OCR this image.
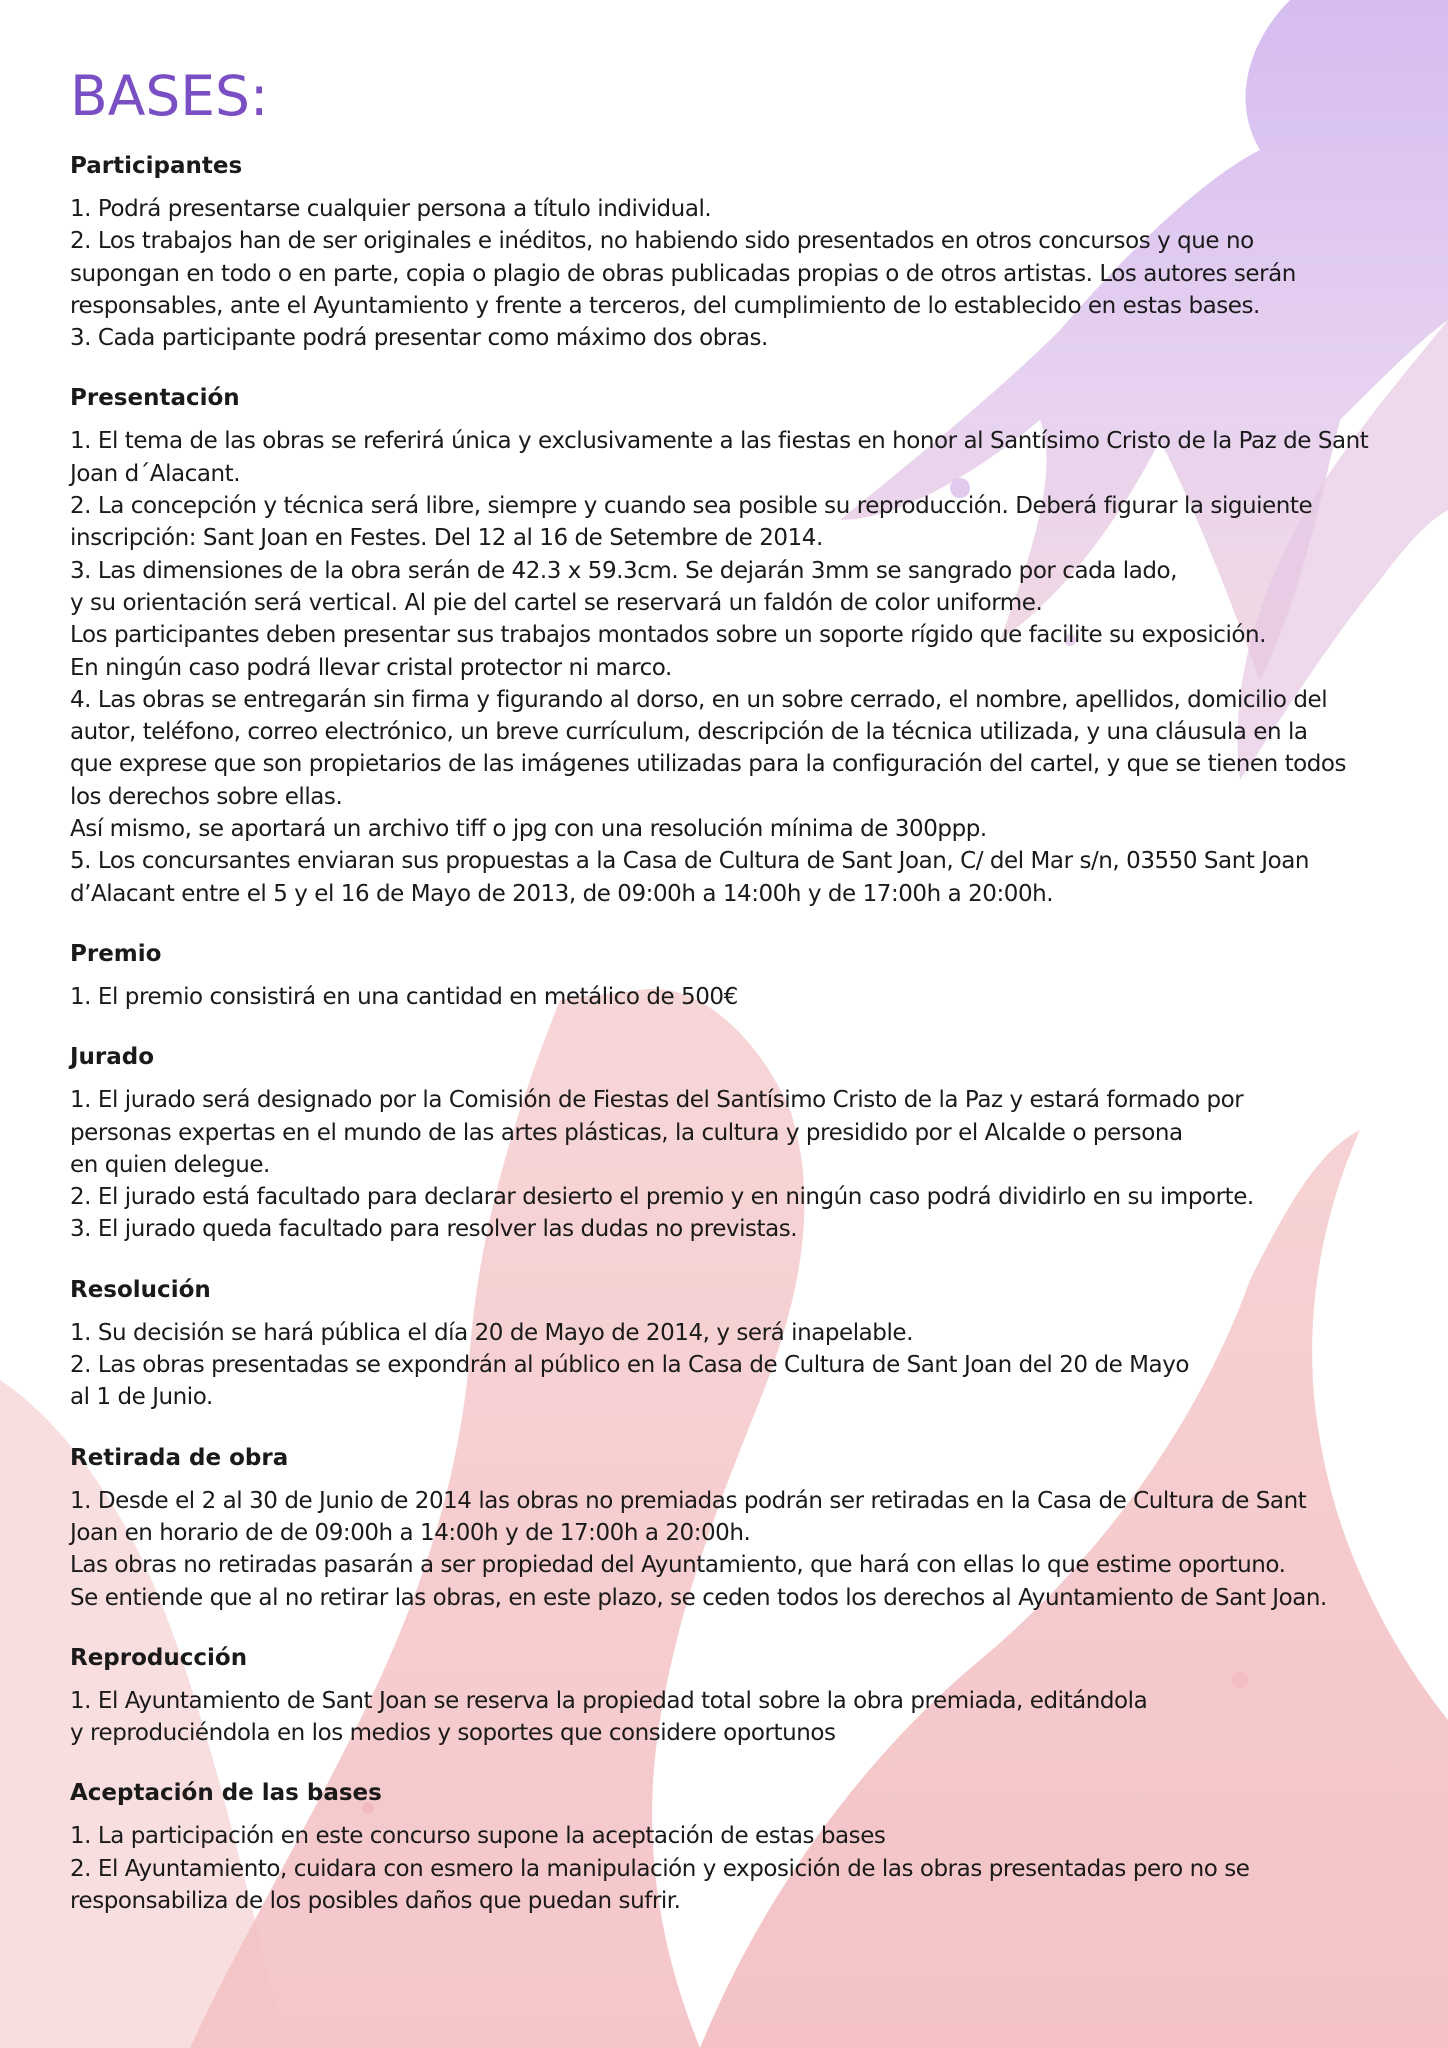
BASES:
Participantes

1. Podrá presentarse cualquier persona a título individual.

2. Los trabajos han de ser originales e inéditos, no habiendo sido presentados en otros concursos y que no

supongan en todo o en parte, copia o plagio de obras publicadas propias o de otros artistas. Los autores serán

responsables, ante el Ayuntamiento y frente a terceros, del cumplimiento de lo establecido en estas bases.

3. Cada participante podrá presentar como máximo dos obras.

Presentación

1. El tema de las obras se referirá única y exclusivamente a las fiestas en honor al Santísimo Cristo de la Paz de Sant

Joan d´Alacant.

2. La concepción y técnica será libre, siempre y cuando sea posible su reproducción. Deberá figurar la siguiente

inscripción: Sant Joan en Festes. Del 12 al 16 de Setembre de 2014.

3. Las dimensiones de la obra serán de 42.3 x 59.3cm. Se dejarán 3mm se sangrado por cada lado,

y su orientación será vertical. Al pie del cartel se reservará un faldón de color uniforme.

Los participantes deben presentar sus trabajos montados sobre un soporte rígido que facilite su exposición.

En ningún caso podrá llevar cristal protector ni marco.

4. Las obras se entregarán sin firma y figurando al dorso, en un sobre cerrado, el nombre, apellidos, domicilio del

autor, teléfono, correo electrónico, un breve currículum, descripción de la técnica utilizada, y una cláusula en la

que exprese que son propietarios de las imágenes utilizadas para la configuración del cartel, y que se tienen todos

los derechos sobre ellas.

Así mismo, se aportará un archivo tiff o jpg con una resolución mínima de 300ppp.

5. Los concursantes enviaran sus propuestas a la Casa de Cultura de Sant Joan, C/ del Mar s/n, 03550 Sant Joan

d’Alacant entre el 5 y el 16 de Mayo de 2013, de 09:00h a 14:00h y de 17:00h a 20:00h.

Premio

1. El premio consistirá en una cantidad en metálico de 500€

Jurado

1. El jurado será designado por la Comisión de Fiestas del Santísimo Cristo de la Paz y estará formado por

personas expertas en el mundo de las artes plásticas, la cultura y presidido por el Alcalde o persona

en quien delegue.

2. El jurado está facultado para declarar desierto el premio y en ningún caso podrá dividirlo en su importe.

3. El jurado queda facultado para resolver las dudas no previstas.

Resolución

1. Su decisión se hará pública el día 20 de Mayo de 2014, y será inapelable.

2. Las obras presentadas se expondrán al público en la Casa de Cultura de Sant Joan del 20 de Mayo

al 1 de Junio.

Retirada de obra

1. Desde el 2 al 30 de Junio de 2014 las obras no premiadas podrán ser retiradas en la Casa de Cultura de Sant

Joan en horario de de 09:00h a 14:00h y de 17:00h a 20:00h.

Las obras no retiradas pasarán a ser propiedad del Ayuntamiento, que hará con ellas lo que estime oportuno.

Se entiende que al no retirar las obras, en este plazo, se ceden todos los derechos al Ayuntamiento de Sant Joan.

Reproducción

1. El Ayuntamiento de Sant Joan se reserva la propiedad total sobre la obra premiada, editándola

y reproduciéndola en los medios y soportes que considere oportunos

Aceptación de las bases

1. La participación en este concurso supone la aceptación de estas bases

2. El Ayuntamiento, cuidara con esmero la manipulación y exposición de las obras presentadas pero no se

responsabiliza de los posibles daños que puedan sufrir.
